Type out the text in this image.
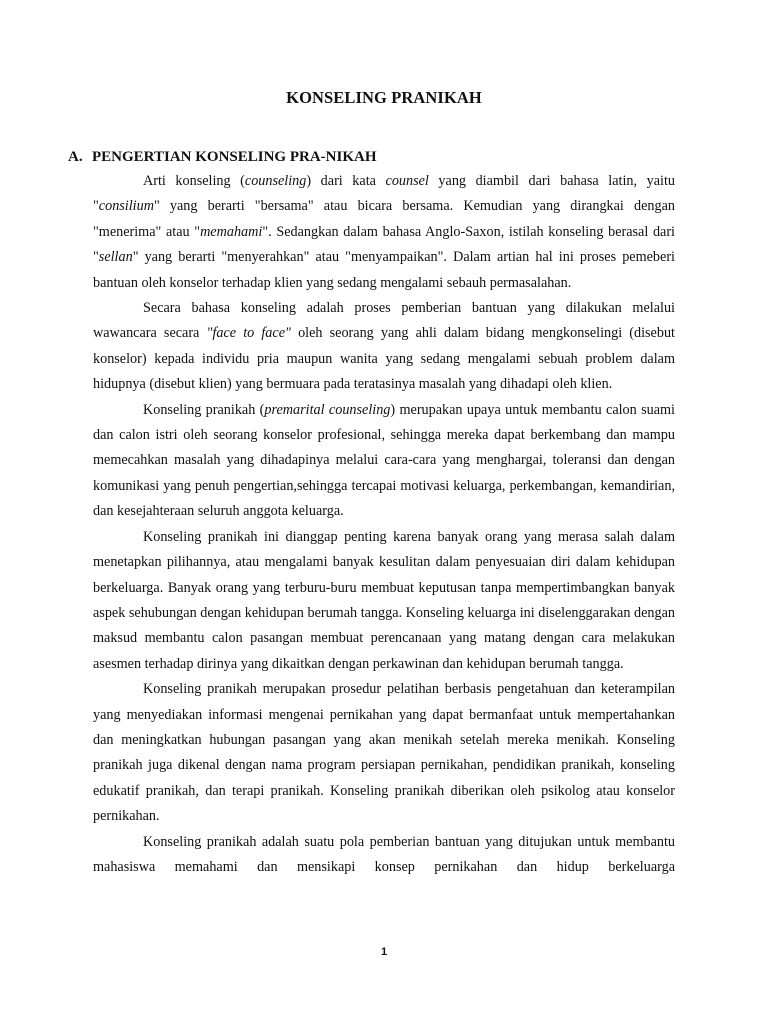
KONSELING PRANIKAH
A. PENGERTIAN KONSELING PRA-NIKAH

Arti konseling (counseling) dari kata counsel yang diambil dari bahasa latin, yaitu "consilium" yang berarti "bersama" atau bicara bersama. Kemudian yang dirangkai dengan "menerima" atau "memahami". Sedangkan dalam bahasa Anglo-Saxon, istilah konseling berasal dari "sellan" yang berarti "menyerahkan" atau "menyampaikan". Dalam artian hal ini proses pemeberi bantuan oleh konselor terhadap klien yang sedang mengalami sebauh permasalahan.

Secara bahasa konseling adalah proses pemberian bantuan yang dilakukan melalui wawancara secara "face to face" oleh seorang yang ahli dalam bidang mengkonselingi (disebut konselor) kepada individu pria maupun wanita yang sedang mengalami sebuah problem dalam hidupnya (disebut klien) yang bermuara pada teratasinya masalah yang dihadapi oleh klien.

Konseling pranikah (premarital counseling) merupakan upaya untuk membantu calon suami dan calon istri oleh seorang konselor profesional, sehingga mereka dapat berkembang dan mampu memecahkan masalah yang dihadapinya melalui cara-cara yang menghargai, toleransi dan dengan komunikasi yang penuh pengertian,sehingga tercapai motivasi keluarga, perkembangan, kemandirian, dan kesejahteraan seluruh anggota keluarga.

Konseling pranikah ini dianggap penting karena banyak orang yang merasa salah dalam menetapkan pilihannya, atau mengalami banyak kesulitan dalam penyesuaian diri dalam kehidupan berkeluarga. Banyak orang yang terburu-buru membuat keputusan tanpa mempertimbangkan banyak aspek sehubungan dengan kehidupan berumah tangga. Konseling keluarga ini diselenggarakan dengan maksud membantu calon pasangan membuat perencanaan yang matang dengan cara melakukan asesmen terhadap dirinya yang dikaitkan dengan perkawinan dan kehidupan berumah tangga.

Konseling pranikah merupakan prosedur pelatihan berbasis pengetahuan dan keterampilan yang menyediakan informasi mengenai pernikahan yang dapat bermanfaat untuk mempertahankan dan meningkatkan hubungan pasangan yang akan menikah setelah mereka menikah. Konseling pranikah juga dikenal dengan nama program persiapan pernikahan, pendidikan pranikah, konseling edukatif pranikah, dan terapi pranikah. Konseling pranikah diberikan oleh psikolog atau konselor pernikahan.

Konseling pranikah adalah suatu pola pemberian bantuan yang ditujukan untuk membantu mahasiswa memahami dan mensikapi konsep pernikahan dan hidup berkeluarga

1
